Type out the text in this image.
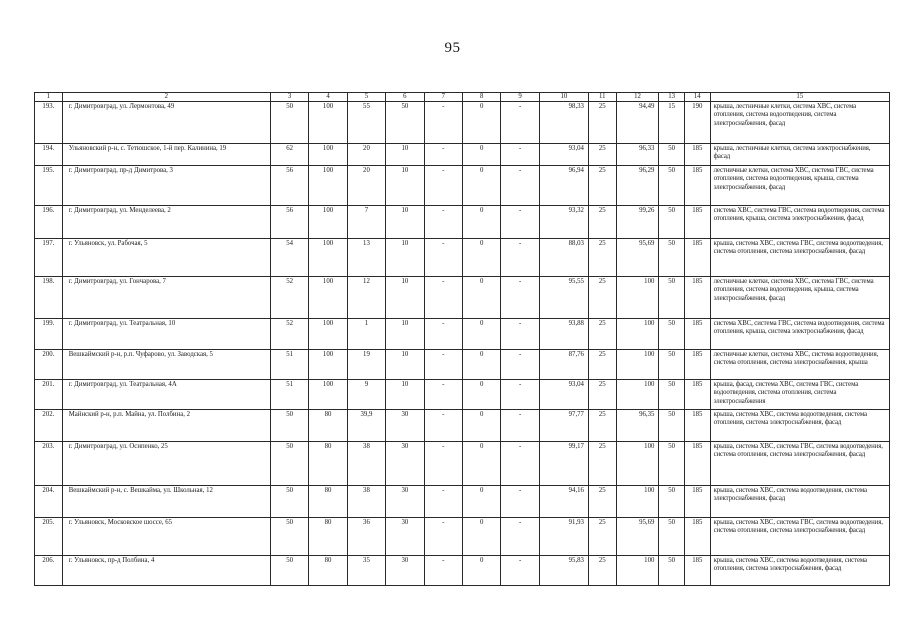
95
1	2	3	4	5	6	7	8	9	10	11	12	13	14	15
193.	г. Димитровград, ул. Лермонтова, 49	50	100	55	50	-	0	-	98,33	25	94,49	15	190	крыша, лестничные клетки, система ХВС, система отопления, система водоотведения, система электроснабжения, фасад
194.	Ульяновский р-н, с. Тетюшское, 1-й пер. Калинина, 19	62	100	20	10	-	0	-	93,04	25	96,33	50	185	крыша, лестничные клетки, система электроснабжения, фасад
195.	г. Димитровград, пр-д Димитрова, 3	56	100	20	10	-	0	-	96,94	25	96,29	50	185	лестничные клетки, система ХВС, система ГВС, система отопления, система водоотведения, крыша, система электроснабжения, фасад
196.	г. Димитровград, ул. Менделеева, 2	56	100	7	10	-	0	-	93,32	25	99,26	50	185	система ХВС, система ГВС, система водоотведения, система отопления, крыша, система электроснабжения, фасад
197.	г. Ульяновск, ул. Рабочая, 5	54	100	13	10	-	0	-	88,03	25	95,69	50	185	крыша, система ХВС, система ГВС, система водоотведения, система отопления, система электроснабжения, фасад
198.	г. Димитровград, ул. Гончарова, 7	52	100	12	10	-	0	-	95,55	25	100	50	185	лестничные клетки, система ХВС, система ГВС, система отопления, система водоотведения, крыша, система электроснабжения, фасад
199.	г. Димитровград, ул. Театральная, 10	52	100	1	10	-	0	-	93,88	25	100	50	185	система ХВС, система ГВС, система водоотведения, система отопления, крыша, система электроснабжения, фасад
200.	Вешкаймский р-н, р.п. Чуфарово, ул. Заводская, 5	51	100	19	10	-	0	-	87,76	25	100	50	185	лестничные клетки, система ХВС, система водоотведения, система отопления, система электроснабжения, крыша
201.	г. Димитровград, ул. Театральная, 4А	51	100	9	10	-	0	-	93,04	25	100	50	185	крыша, фасад, система ХВС, система ГВС, система водоотведения, система отопления, система электроснабжения
202.	Майнский р-н, р.п. Майна, ул. Полбина, 2	50	80	39,9	30	-	0	-	97,77	25	96,35	50	185	крыша, система ХВС, система водоотведения, система отопления, система электроснабжения, фасад
203.	г. Димитровград, ул. Осипенко, 25	50	80	38	30	-	0	-	99,17	25	100	50	185	крыша, система ХВС, система ГВС, система водоотведения, система отопления, система электроснабжения, фасад
204.	Вешкаймский р-н, с. Вешкайма, ул. Школьная, 12	50	80	38	30	-	0	-	94,16	25	100	50	185	крыша, система ХВС, система водоотведения, система электроснабжения, фасад
205.	г. Ульяновск, Московское шоссе, 65	50	80	36	30	-	0	-	91,93	25	95,69	50	185	крыша, система ХВС, система ГВС, система водоотведения, система отопления, система электроснабжения, фасад
206.	г. Ульяновск, пр-д Полбина, 4	50	80	35	30	-	0	-	95,83	25	100	50	185	крыша, система ХВС, система водоотведения, система отопления, система электроснабжения, фасад
